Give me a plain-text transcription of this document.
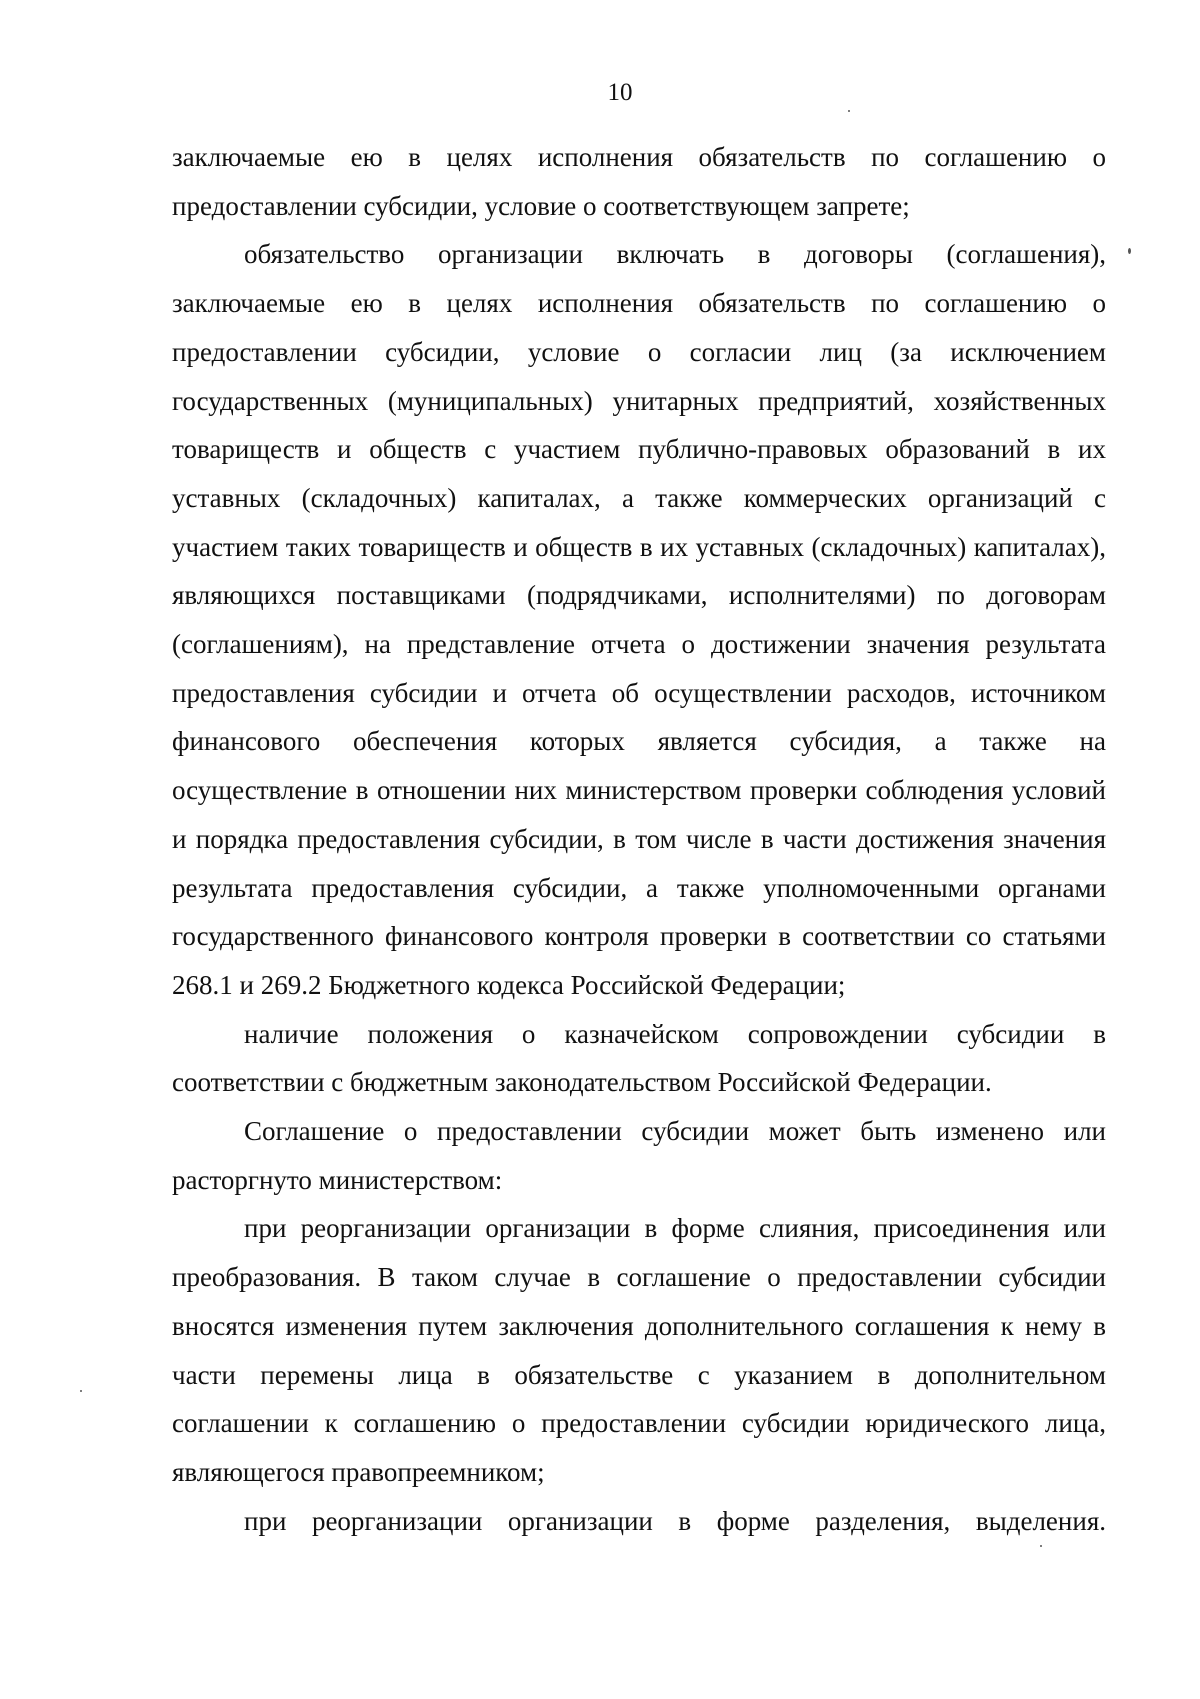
10

заключаемые ею в целях исполнения обязательств по соглашению о предоставлении субсидии, условие о соответствующем запрете;

обязательство организации включать в договоры (соглашения), заключаемые ею в целях исполнения обязательств по соглашению о предоставлении субсидии, условие о согласии лиц (за исключением государственных (муниципальных) унитарных предприятий, хозяйственных товариществ и обществ с участием публично-правовых образований в их уставных (складочных) капиталах, а также коммерческих организаций с участием таких товариществ и обществ в их уставных (складочных) капиталах), являющихся поставщиками (подрядчиками, исполнителями) по договорам (соглашениям), на представление отчета о достижении значения результата предоставления субсидии и отчета об осуществлении расходов, источником финансового обеспечения которых является субсидия, а также на осуществление в отношении них министерством проверки соблюдения условий и порядка предоставления субсидии, в том числе в части достижения значения результата предоставления субсидии, а также уполномоченными органами государственного финансового контроля проверки в соответствии со статьями 268.1 и 269.2 Бюджетного кодекса Российской Федерации;

наличие положения о казначейском сопровождении субсидии в соответствии с бюджетным законодательством Российской Федерации.

Соглашение о предоставлении субсидии может быть изменено или расторгнуто министерством:

при реорганизации организации в форме слияния, присоединения или преобразования. В таком случае в соглашение о предоставлении субсидии вносятся изменения путем заключения дополнительного соглашения к нему в части перемены лица в обязательстве с указанием в дополнительном соглашении к соглашению о предоставлении субсидии юридического лица, являющегося правопреемником;

при реорганизации организации в форме разделения, выделения.
